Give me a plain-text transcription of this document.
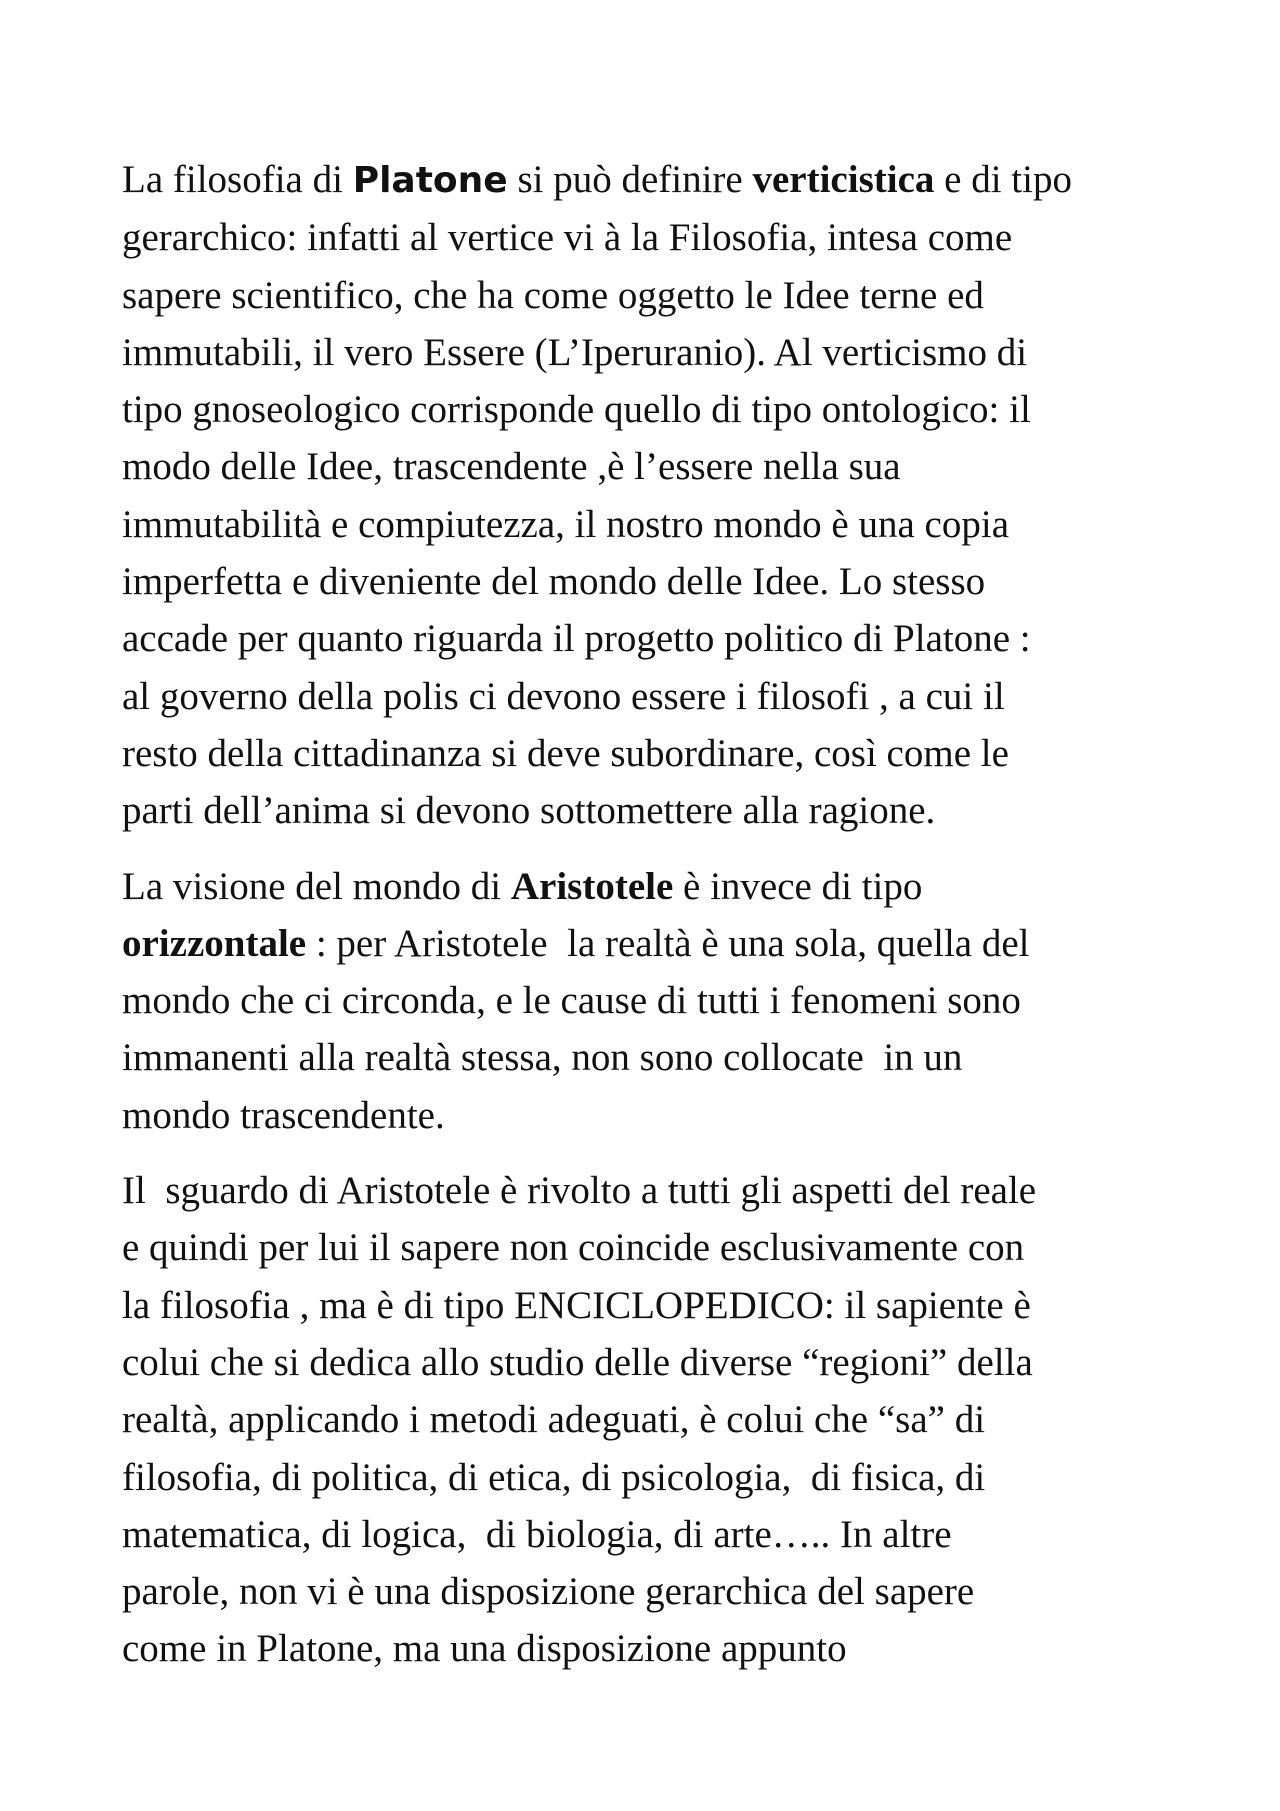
La filosofia di Platone si può definire verticistica e di tipo
gerarchico: infatti al vertice vi à la Filosofia, intesa come
sapere scientifico, che ha come oggetto le Idee terne ed
immutabili, il vero Essere (L’Iperuranio). Al verticismo di
tipo gnoseologico corrisponde quello di tipo ontologico: il
modo delle Idee, trascendente ,è l’essere nella sua
immutabilità e compiutezza, il nostro mondo è una copia
imperfetta e diveniente del mondo delle Idee. Lo stesso
accade per quanto riguarda il progetto politico di Platone :
al governo della polis ci devono essere i filosofi , a cui il
resto della cittadinanza si deve subordinare, così come le
parti dell’anima si devono sottomettere alla ragione.

La visione del mondo di Aristotele è invece di tipo
orizzontale : per Aristotele  la realtà è una sola, quella del
mondo che ci circonda, e le cause di tutti i fenomeni sono
immanenti alla realtà stessa, non sono collocate  in un
mondo trascendente.

Il  sguardo di Aristotele è rivolto a tutti gli aspetti del reale
e quindi per lui il sapere non coincide esclusivamente con
la filosofia , ma è di tipo ENCICLOPEDICO: il sapiente è
colui che si dedica allo studio delle diverse “regioni” della
realtà, applicando i metodi adeguati, è colui che “sa” di
filosofia, di politica, di etica, di psicologia,  di fisica, di
matematica, di logica,  di biologia, di arte….. In altre
parole, non vi è una disposizione gerarchica del sapere
come in Platone, ma una disposizione appunto
